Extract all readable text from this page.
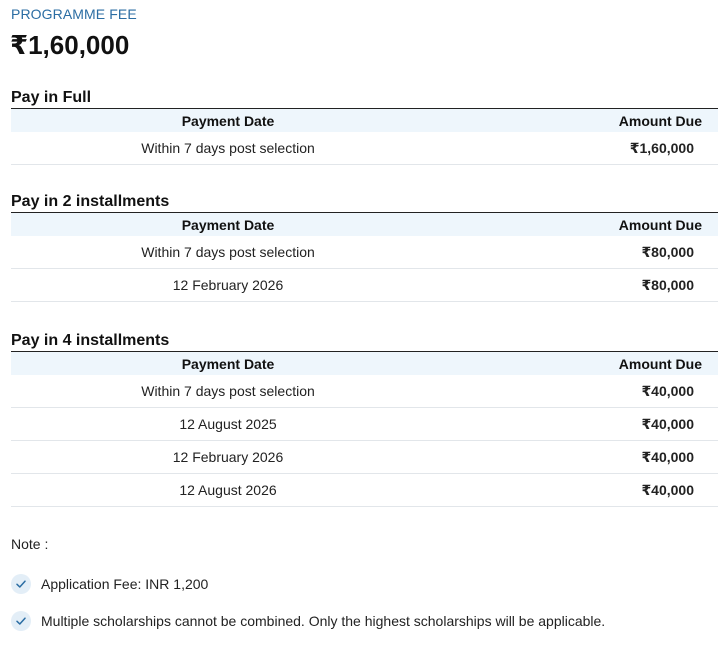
PROGRAMME FEE
₹1,60,000
Pay in Full
Payment Date	Amount Due
Within 7 days post selection	₹1,60,000
Pay in 2 installments
Payment Date	Amount Due
Within 7 days post selection	₹80,000
12 February 2026	₹80,000
Pay in 4 installments
Payment Date	Amount Due
Within 7 days post selection	₹40,000
12 August 2025	₹40,000
12 February 2026	₹40,000
12 August 2026	₹40,000
Note :
Application Fee: INR 1,200
Multiple scholarships cannot be combined. Only the highest scholarships will be applicable.
